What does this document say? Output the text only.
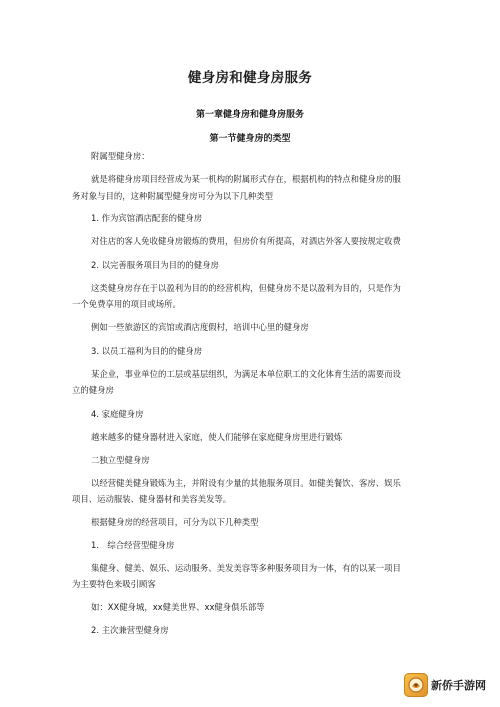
健身房和健身房服务
第一章健身房和健身房服务
第一节健身房的类型
附属型健身房：
就是将健身房项目经营成为某一机构的附属形式存在，根据机构的特点和健身房的服
务对象与目的，这种附属型健身房可分为以下几种类型
1. 作为宾馆酒店配套的健身房
对住店的客人免收健身房锻炼的费用，但房价有所提高，对酒店外客人要按规定收费
2. 以完善服务项目为目的的健身房
这类健身房存在于以盈利为目的的经营机构，但健身房不是以盈利为目的，只是作为
一个免费享用的项目或场所。
例如一些旅游区的宾馆或酒店度假村，培训中心里的健身房
3. 以员工福利为目的的健身房
某企业，事业单位的工层或基层组织，为满足本单位职工的文化体育生活的需要而设
立的健身房
4. 家庭健身房
越来越多的健身器材进入家庭，使人们能够在家庭健身房里进行锻炼
二独立型健身房
以经营健美健身锻炼为主，并附设有少量的其他服务项目。如健美餐饮、客房、娱乐
项目、运动服装、健身器材和美容美发等。
根据健身房的经营项目，可分为以下几种类型
1.　综合经营型健身房
集健身、健美、娱乐、运动服务、美发美容等多种服务项目为一体，有的以某一项目
为主要特色来吸引顾客
如：XX健身城，xx健美世界、xx健身俱乐部等
2. 主次兼营型健身房
新侨手游网
